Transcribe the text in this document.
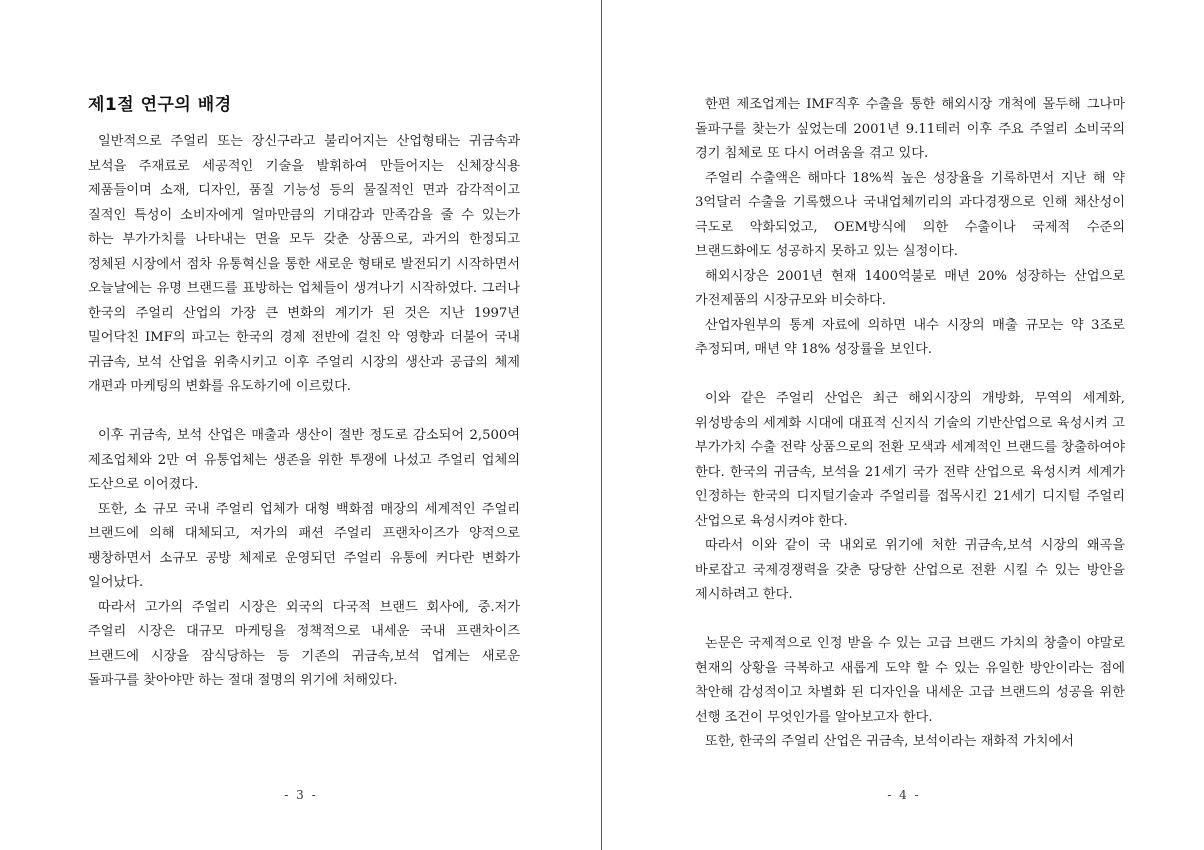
제1절 연구의 배경

일반적으로 주얼리 또는 장신구라고 불리어지는 산업형태는 귀금속과 보석을 주재료로 세공적인 기술을 발휘하여 만들어지는 신체장식용 제품들이며 소재, 디자인, 품질 기능성 등의 물질적인 면과 감각적이고 질적인 특성이 소비자에게 얼마만큼의 기대감과 만족감을 줄 수 있는가 하는 부가가치를 나타내는 면을 모두 갖춘 상품으로, 과거의 한정되고 정체된 시장에서 점차 유통혁신을 통한 새로운 형태로 발전되기 시작하면서 오늘날에는 유명 브랜드를 표방하는 업체들이 생겨나기 시작하였다. 그러나 한국의 주얼리 산업의 가장 큰 변화의 계기가 된 것은 지난 1997년 밀어닥친 IMF의 파고는 한국의 경제 전반에 걸친 악 영향과 더불어 국내 귀금속, 보석 산업을 위축시키고 이후 주얼리 시장의 생산과 공급의 체제 개편과 마케팅의 변화를 유도하기에 이르렀다.

이후 귀금속, 보석 산업은 매출과 생산이 절반 정도로 감소되어 2,500여 제조업체와 2만 여 유통업체는 생존을 위한 투쟁에 나섰고 주얼리 업체의 도산으로 이어졌다.

또한, 소 규모 국내 주얼리 업체가 대형 백화점 매장의 세계적인 주얼리 브랜드에 의해 대체되고, 저가의 패션 주얼리 프랜차이즈가 양적으로 팽창하면서 소규모 공방 체제로 운영되던 주얼리 유통에 커다란 변화가 일어났다.

따라서 고가의 주얼리 시장은 외국의 다국적 브랜드 회사에, 중.저가 주얼리 시장은 대규모 마케팅을 정책적으로 내세운 국내 프랜차이즈 브랜드에 시장을 잠식당하는 등 기존의 귀금속,보석 업계는 새로운 돌파구를 찾아야만 하는 절대 절명의 위기에 처해있다.

- 3 -

한편 제조업계는 IMF직후 수출을 통한 해외시장 개척에 몰두해 그나마 돌파구를 찾는가 싶었는데 2001년 9.11테러 이후 주요 주얼리 소비국의 경기 침체로 또 다시 어려움을 겪고 있다.

주얼리 수출액은 해마다 18%씩 높은 성장율을 기록하면서 지난 해 약 3억달러 수출을 기록했으나 국내업체끼리의 과다경쟁으로 인해 채산성이 극도로 악화되었고, OEM방식에 의한 수출이나 국제적 수준의 브랜드화에도 성공하지 못하고 있는 실정이다.

해외시장은 2001년 현재 1400억불로 매년 20% 성장하는 산업으로 가전제품의 시장규모와 비슷하다.

산업자원부의 통계 자료에 의하면 내수 시장의 매출 규모는 약 3조로 추정되며, 매년 약 18% 성장률을 보인다.

이와 같은 주얼리 산업은 최근 해외시장의 개방화, 무역의 세계화, 위성방송의 세계화 시대에 대표적 신지식 기술의 기반산업으로 육성시켜 고 부가가치 수출 전략 상품으로의 전환 모색과 세계적인 브랜드를 창출하여야 한다. 한국의 귀금속, 보석을 21세기 국가 전략 산업으로 육성시켜 세계가 인정하는 한국의 디지털기술과 주얼리를 접목시킨 21세기 디지털 주얼리 산업으로 육성시켜야 한다.

따라서 이와 같이 국 내외로 위기에 처한 귀금속,보석 시장의 왜곡을 바로잡고 국제경쟁력을 갖춘 당당한 산업으로 전환 시킬 수 있는 방안을 제시하려고 한다.

논문은 국제적으로 인정 받을 수 있는 고급 브랜드 가치의 창출이 야말로 현재의 상황을 극복하고 새롭게 도약 할 수 있는 유일한 방안이라는 점에 착안해 감성적이고 차별화 된 디자인을 내세운 고급 브랜드의 성공을 위한 선행 조건이 무엇인가를 알아보고자 한다.

또한, 한국의 주얼리 산업은 귀금속, 보석이라는 재화적 가치에서

- 4 -
